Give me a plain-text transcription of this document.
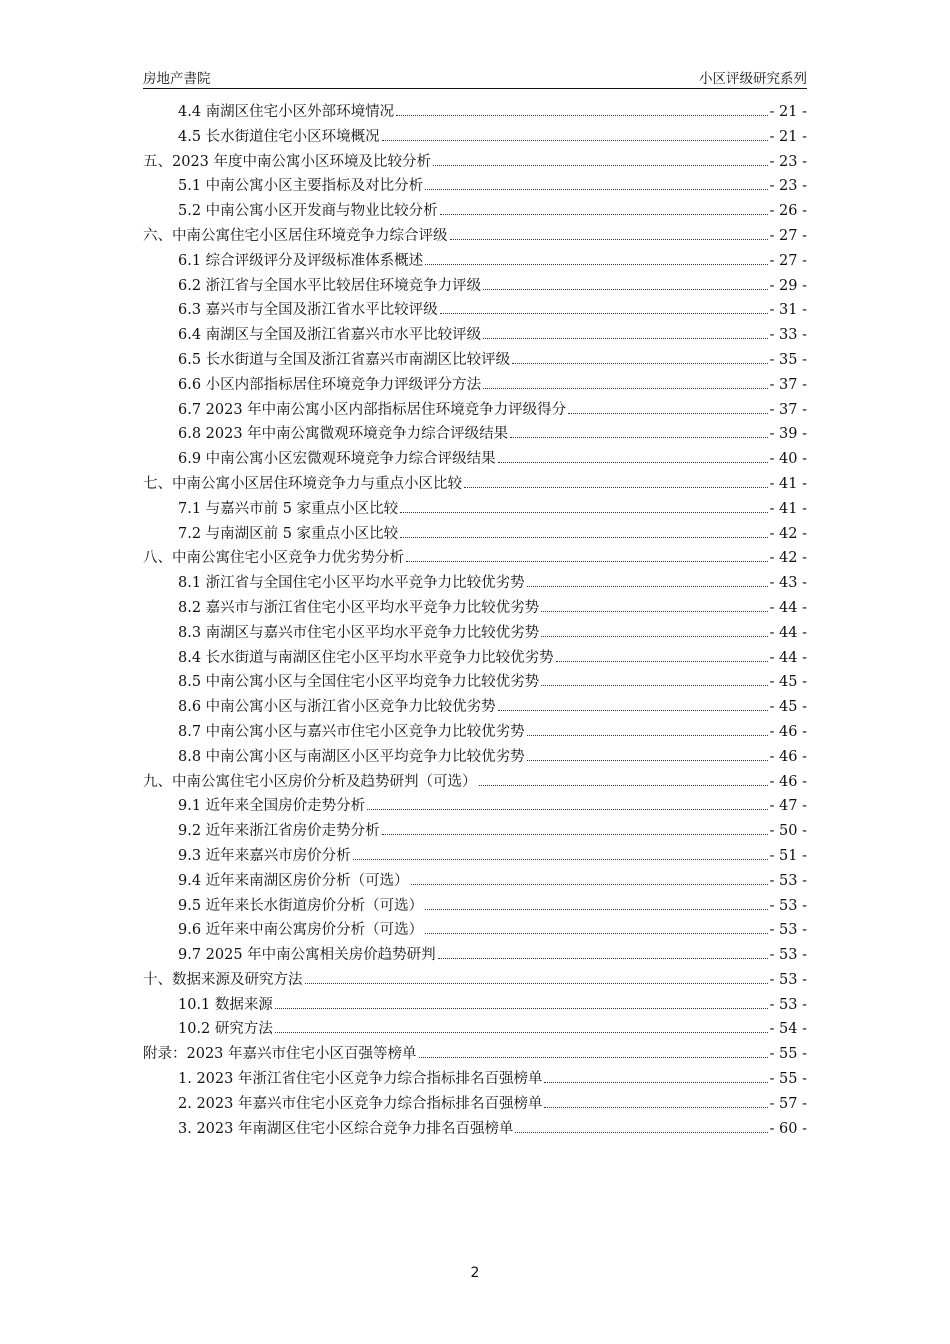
房地产書院	小区评级研究系列
4.4 南湖区住宅小区外部环境情况	- 21 -
4.5 长水街道住宅小区环境概况	- 21 -
五、2023 年度中南公寓小区环境及比较分析	- 23 -
5.1 中南公寓小区主要指标及对比分析	- 23 -
5.2 中南公寓小区开发商与物业比较分析	- 26 -
六、中南公寓住宅小区居住环境竞争力综合评级	- 27 -
6.1 综合评级评分及评级标准体系概述	- 27 -
6.2 浙江省与全国水平比较居住环境竞争力评级	- 29 -
6.3 嘉兴市与全国及浙江省水平比较评级	- 31 -
6.4 南湖区与全国及浙江省嘉兴市水平比较评级	- 33 -
6.5 长水街道与全国及浙江省嘉兴市南湖区比较评级	- 35 -
6.6 小区内部指标居住环境竞争力评级评分方法	- 37 -
6.7 2023 年中南公寓小区内部指标居住环境竞争力评级得分	- 37 -
6.8 2023 年中南公寓微观环境竞争力综合评级结果	- 39 -
6.9 中南公寓小区宏微观环境竞争力综合评级结果	- 40 -
七、中南公寓小区居住环境竞争力与重点小区比较	- 41 -
7.1 与嘉兴市前 5 家重点小区比较	- 41 -
7.2 与南湖区前 5 家重点小区比较	- 42 -
八、中南公寓住宅小区竞争力优劣势分析	- 42 -
8.1 浙江省与全国住宅小区平均水平竞争力比较优劣势	- 43 -
8.2 嘉兴市与浙江省住宅小区平均水平竞争力比较优劣势	- 44 -
8.3 南湖区与嘉兴市住宅小区平均水平竞争力比较优劣势	- 44 -
8.4 长水街道与南湖区住宅小区平均水平竞争力比较优劣势	- 44 -
8.5 中南公寓小区与全国住宅小区平均竞争力比较优劣势	- 45 -
8.6 中南公寓小区与浙江省小区竞争力比较优劣势	- 45 -
8.7 中南公寓小区与嘉兴市住宅小区竞争力比较优劣势	- 46 -
8.8 中南公寓小区与南湖区小区平均竞争力比较优劣势	- 46 -
九、中南公寓住宅小区房价分析及趋势研判（可选）	- 46 -
9.1 近年来全国房价走势分析	- 47 -
9.2 近年来浙江省房价走势分析	- 50 -
9.3 近年来嘉兴市房价分析	- 51 -
9.4 近年来南湖区房价分析（可选）	- 53 -
9.5 近年来长水街道房价分析（可选）	- 53 -
9.6 近年来中南公寓房价分析（可选）	- 53 -
9.7 2025 年中南公寓相关房价趋势研判	- 53 -
十、数据来源及研究方法	- 53 -
10.1 数据来源	- 53 -
10.2 研究方法	- 54 -
附录：2023 年嘉兴市住宅小区百强等榜单	- 55 -
1. 2023 年浙江省住宅小区竞争力综合指标排名百强榜单	- 55 -
2. 2023 年嘉兴市住宅小区竞争力综合指标排名百强榜单	- 57 -
3. 2023 年南湖区住宅小区综合竞争力排名百强榜单	- 60 -
2
